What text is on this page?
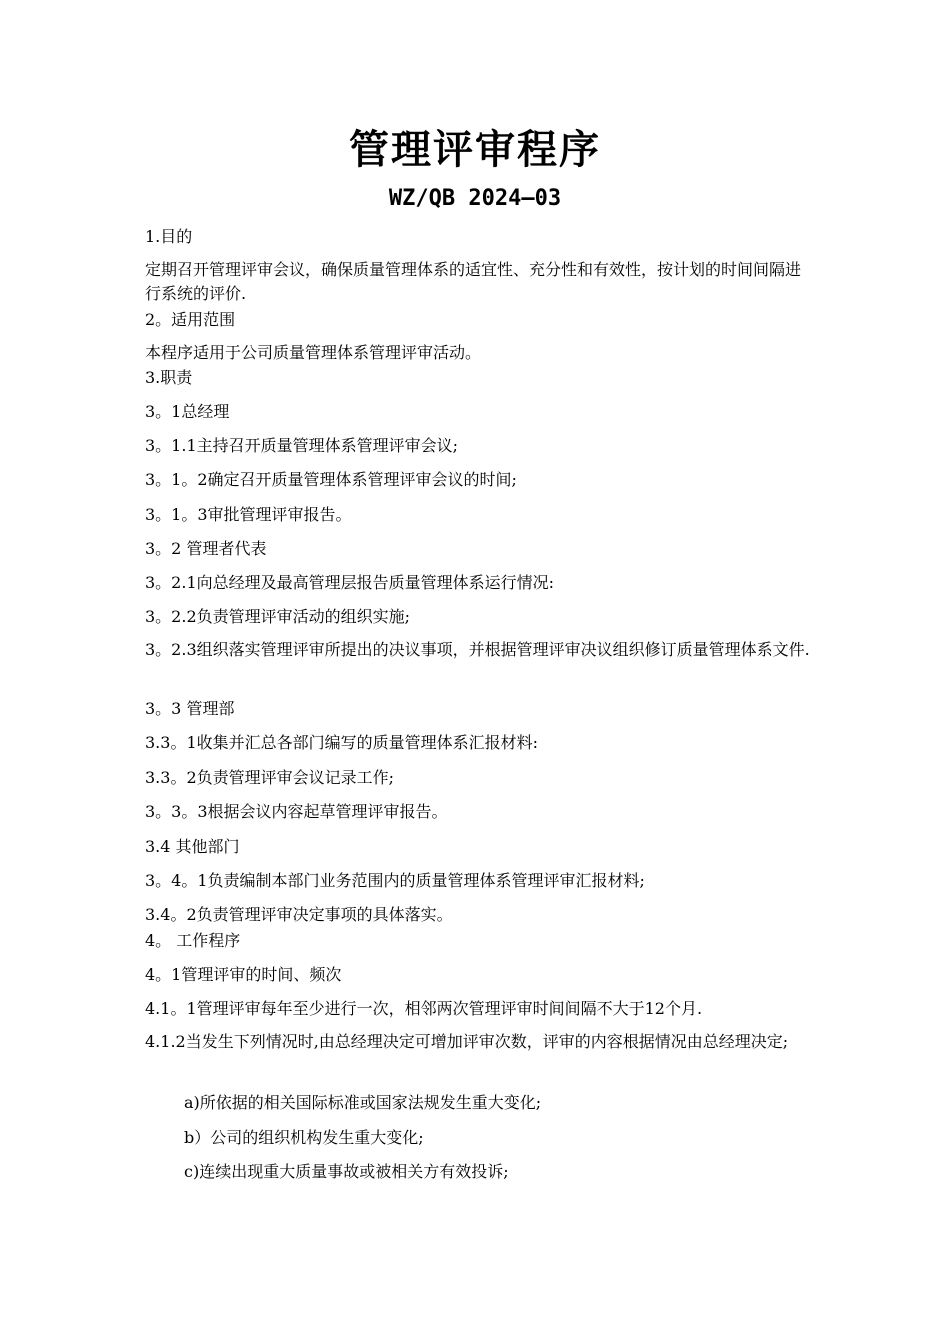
管理评审程序
WZ/QB 2024—03
1.目的
定期召开管理评审会议，确保质量管理体系的适宜性、充分性和有效性，按计划的时间间隔进行系统的评价.
2。适用范围
本程序适用于公司质量管理体系管理评审活动。
3.职责
3。1总经理
3。1.1主持召开质量管理体系管理评审会议;
3。1。2确定召开质量管理体系管理评审会议的时间;
3。1。3审批管理评审报吿。
3。2 管理者代表
3。2.1向总经理及最高管理层报告质量管理体系运行情况:
3。2.2负责管理评审活动的组织实施;
3。2.3组织落实管理评审所提出的决议事项，并根据管理评审决议组织修订质量管理体系文件.
3。3 管理部
3.3。1收集并汇总各部门编写的质量管理体系汇报材料:
3.3。2负责管理评审会议记录工作;
3。3。3根据会议内容起草管理评审报告。
3.4 其他部门
3。4。1负责编制本部门业务范围内的质量管理体系管理评审汇报材料;
3.4。2负责管理评审决定事项的具体落实。
4。 工作程序
4。1管理评审的时间、频次
4.1。1管理评审每年至少进行一次，相邻两次管理评审时间间隔不大于12个月.
4.1.2当发生下列情况时,由总经理决定可增加评审次数，评审的内容根据情况由总经理决定;
a)所依据的相关国际标准或国家法规发生重大变化;
b）公司的组织机构发生重大变化;
c)连续出现重大质量事故或被相关方有效投诉;
